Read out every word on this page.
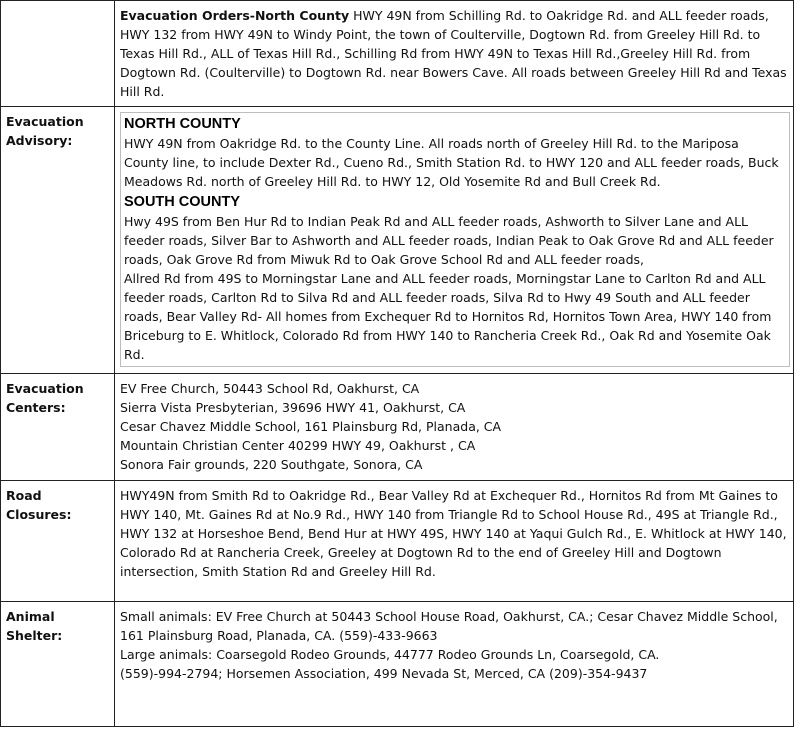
	Evacuation Orders-North County HWY 49N from Schilling Rd. to Oakridge Rd. and ALL feeder roads, HWY 132 from HWY 49N to Windy Point, the town of Coulterville, Dogtown Rd. from Greeley Hill Rd. to Texas Hill Rd., ALL of Texas Hill Rd., Schilling Rd from HWY 49N to Texas Hill Rd.,Greeley Hill Rd. from Dogtown Rd. (Coulterville) to Dogtown Rd. near Bowers Cave. All roads between Greeley Hill Rd and Texas Hill Rd.
Evacuation Advisory:	NORTH COUNTY
HWY 49N from Oakridge Rd. to the County Line. All roads north of Greeley Hill Rd. to the Mariposa County line, to include Dexter Rd., Cueno Rd., Smith Station Rd. to HWY 120 and ALL feeder roads, Buck Meadows Rd. north of Greeley Hill Rd. to HWY 12, Old Yosemite Rd and Bull Creek Rd.
SOUTH COUNTY
Hwy 49S from Ben Hur Rd to Indian Peak Rd and ALL feeder roads, Ashworth to Silver Lane and ALL feeder roads, Silver Bar to Ashworth and ALL feeder roads, Indian Peak to Oak Grove Rd and ALL feeder roads, Oak Grove Rd from Miwuk Rd to Oak Grove School Rd and ALL feeder roads,
Allred Rd from 49S to Morningstar Lane and ALL feeder roads, Morningstar Lane to Carlton Rd and ALL feeder roads, Carlton Rd to Silva Rd and ALL feeder roads, Silva Rd to Hwy 49 South and ALL feeder roads, Bear Valley Rd- All homes from Exchequer Rd to Hornitos Rd, Hornitos Town Area, HWY 140 from Briceburg to E. Whitlock, Colorado Rd from HWY 140 to Rancheria Creek Rd., Oak Rd and Yosemite Oak Rd.

Evacuation Centers:	EV Free Church, 50443 School Rd, Oakhurst, CA
Sierra Vista Presbyterian, 39696 HWY 41, Oakhurst, CA
Cesar Chavez Middle School, 161 Plainsburg Rd, Planada, CA
Mountain Christian Center 40299 HWY 49, Oakhurst , CA
Sonora Fair grounds, 220 Southgate, Sonora, CA

Road Closures:	HWY49N from Smith Rd to Oakridge Rd., Bear Valley Rd at Exchequer Rd., Hornitos Rd from Mt Gaines to HWY 140, Mt. Gaines Rd at No.9 Rd., HWY 140 from Triangle Rd to School House Rd., 49S at Triangle Rd., HWY 132 at Horseshoe Bend, Bend Hur at HWY 49S, HWY 140 at Yaqui Gulch Rd., E. Whitlock at HWY 140, Colorado Rd at Rancheria Creek, Greeley at Dogtown Rd to the end of Greeley Hill and Dogtown intersection, Smith Station Rd and Greeley Hill Rd.

Animal Shelter:	Small animals: EV Free Church at 50443 School House Road, Oakhurst, CA.; Cesar Chavez Middle School, 161 Plainsburg Road, Planada, CA. (559)-433-9663
Large animals: Coarsegold Rodeo Grounds, 44777 Rodeo Grounds Ln, Coarsegold, CA.
(559)-994-2794; Horsemen Association, 499 Nevada St, Merced, CA (209)-354-9437
